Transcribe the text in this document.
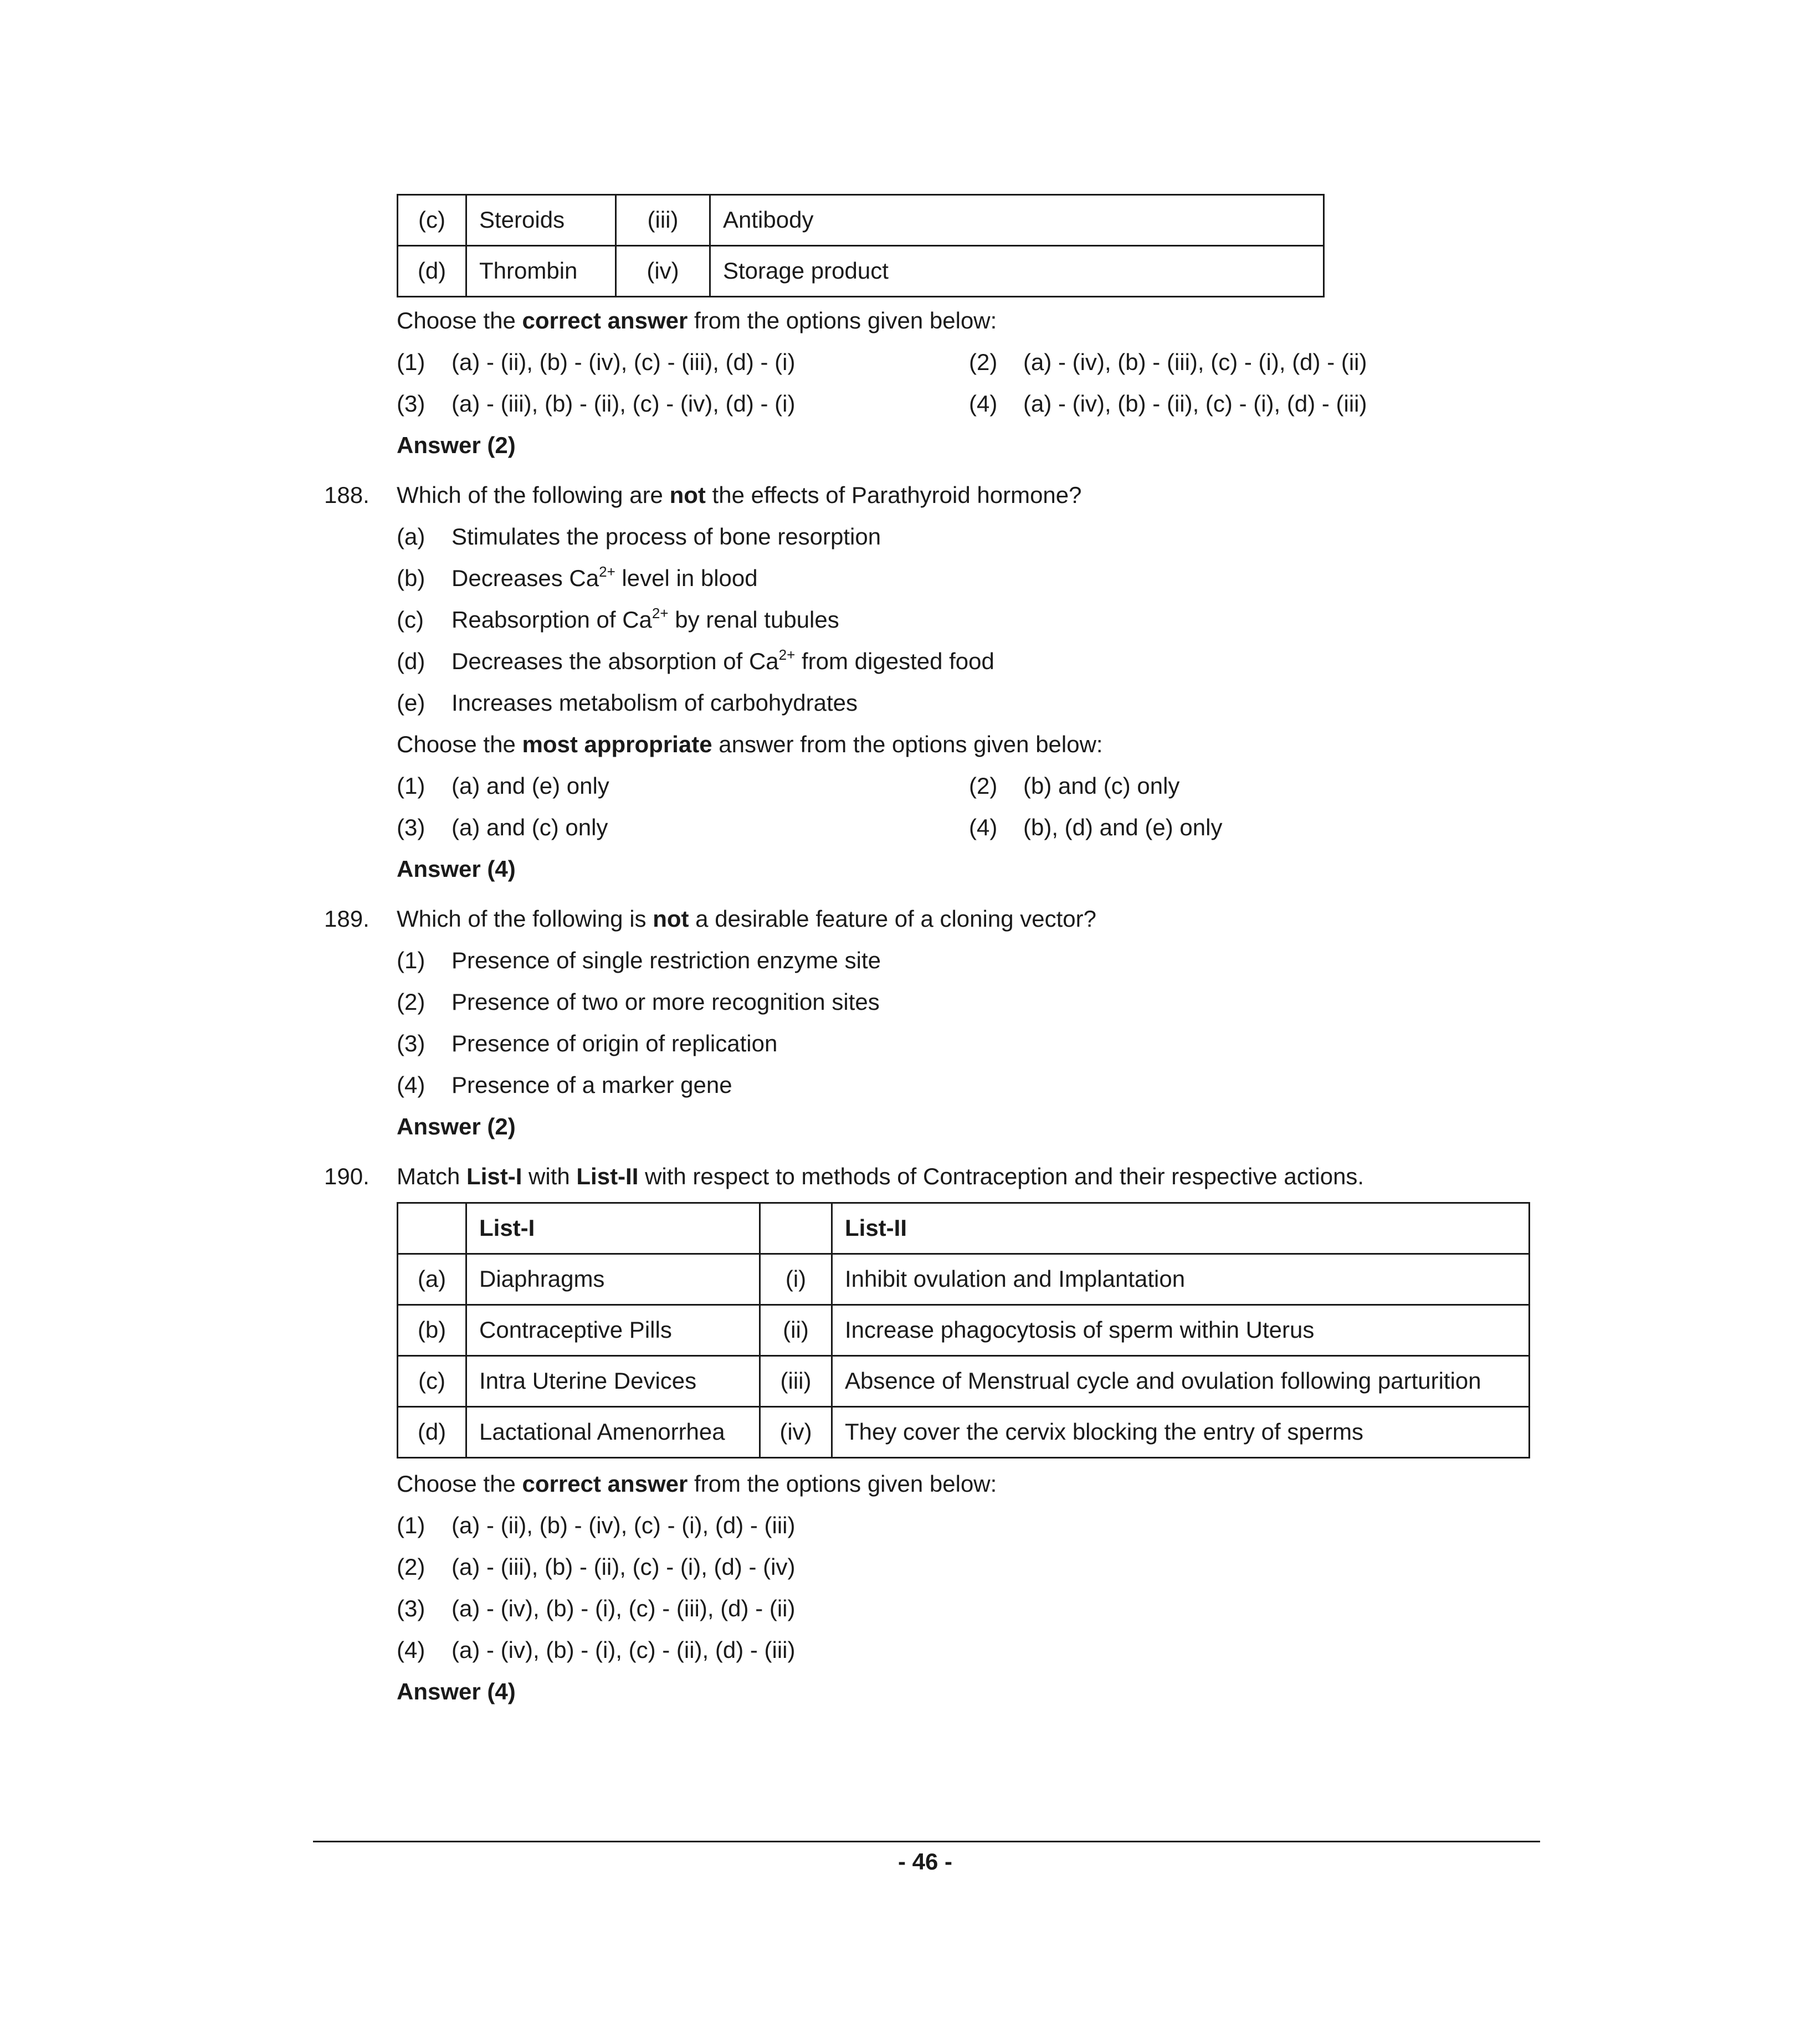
(c)	Steroids	(iii)	Antibody
(d)	Thrombin	(iv)	Storage product
Choose the correct answer from the options given below:
(1) (a) - (ii), (b) - (iv), (c) - (iii), (d) - (i)	(2) (a) - (iv), (b) - (iii), (c) - (i), (d) - (ii)
(3) (a) - (iii), (b) - (ii), (c) - (iv), (d) - (i)	(4) (a) - (iv), (b) - (ii), (c) - (i), (d) - (iii)
Answer (2)
188. Which of the following are not the effects of Parathyroid hormone?
(a) Stimulates the process of bone resorption
(b) Decreases $Ca^{2+}$ level in blood
(c) Reabsorption of $Ca^{2+}$ by renal tubules
(d) Decreases the absorption of $Ca^{2+}$ from digested food
(e) Increases metabolism of carbohydrates
Choose the most appropriate answer from the options given below:
(1) (a) and (e) only	(2) (b) and (c) only
(3) (a) and (c) only	(4) (b), (d) and (e) only
Answer (4)
189. Which of the following is not a desirable feature of a cloning vector?
(1) Presence of single restriction enzyme site
(2) Presence of two or more recognition sites
(3) Presence of origin of replication
(4) Presence of a marker gene
Answer (2)
190. Match List-I with List-II with respect to methods of Contraception and their respective actions.
	List-I		List-II
(a)	Diaphragms	(i)	Inhibit ovulation and Implantation
(b)	Contraceptive Pills	(ii)	Increase phagocytosis of sperm within Uterus
(c)	Intra Uterine Devices	(iii)	Absence of Menstrual cycle and ovulation following parturition
(d)	Lactational Amenorrhea	(iv)	They cover the cervix blocking the entry of sperms
Choose the correct answer from the options given below:
(1) (a) - (ii), (b) - (iv), (c) - (i), (d) - (iii)
(2) (a) - (iii), (b) - (ii), (c) - (i), (d) - (iv)
(3) (a) - (iv), (b) - (i), (c) - (iii), (d) - (ii)
(4) (a) - (iv), (b) - (i), (c) - (ii), (d) - (iii)
Answer (4)
- 46 -
